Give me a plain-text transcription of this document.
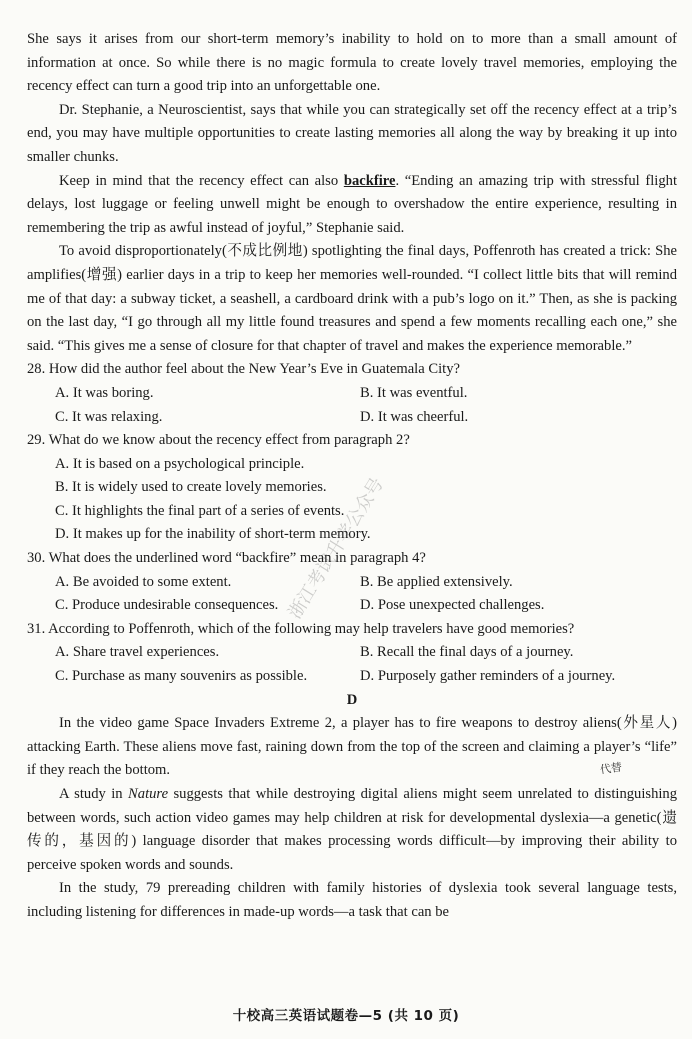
She says it arises from our short-term memory’s inability to hold on to more than a small amount of information at once. So while there is no magic formula to create lovely travel memories, employing the recency effect can turn a good trip into an unforgettable one.

Dr. Stephanie, a Neuroscientist, says that while you can strategically set off the recency effect at a trip’s end, you may have multiple opportunities to create lasting memories all along the way by breaking it up into smaller chunks.

Keep in mind that the recency effect can also backfire. “Ending an amazing trip with stressful flight delays, lost luggage or feeling unwell might be enough to overshadow the entire experience, resulting in remembering the trip as awful instead of joyful,” Stephanie said.

To avoid disproportionately(不成比例地) spotlighting the final days, Poffenroth has created a trick: She amplifies(增强) earlier days in a trip to keep her memories well-rounded. “I collect little bits that will remind me of that day: a subway ticket, a seashell, a cardboard drink with a pub’s logo on it.” Then, as she is packing on the last day, “I go through all my little found treasures and spend a few moments recalling each one,” she said. “This gives me a sense of closure for that chapter of travel and makes the experience memorable.”

28. How did the author feel about the New Year’s Eve in Guatemala City?

A. It was boring.	B. It was eventful.

C. It was relaxing.	D. It was cheerful.

29. What do we know about the recency effect from paragraph 2?

A. It is based on a psychological principle.

B. It is widely used to create lovely memories.

C. It highlights the final part of a series of events.

D. It makes up for the inability of short-term memory.

30. What does the underlined word “backfire” mean in paragraph 4?

A. Be avoided to some extent.	B. Be applied extensively.

C. Produce undesirable consequences.	D. Pose unexpected challenges.

31. According to Poffenroth, which of the following may help travelers have good memories?

A. Share travel experiences.	B. Recall the final days of a journey.

C. Purchase as many souvenirs as possible.	D. Purposely gather reminders of a journey.

D

In the video game Space Invaders Extreme 2, a player has to fire weapons to destroy aliens(外星人) attacking Earth. These aliens move fast, raining down from the top of the screen and claiming a player’s “life” if they reach the bottom.

A study in Nature suggests that while destroying digital aliens might seem unrelated to distinguishing between words, such action video games may help children at risk for developmental dyslexia—a genetic(遗传的，基因的) language disorder that makes processing words difficult—by improving their ability to perceive spoken words and sounds.

In the study, 79 prereading children with family histories of dyslexia took several language tests, including listening for differences in made-up words—a task that can be

代替
浙江考试升学公众号
十校高三英语试题卷—5 (共 10 页)
